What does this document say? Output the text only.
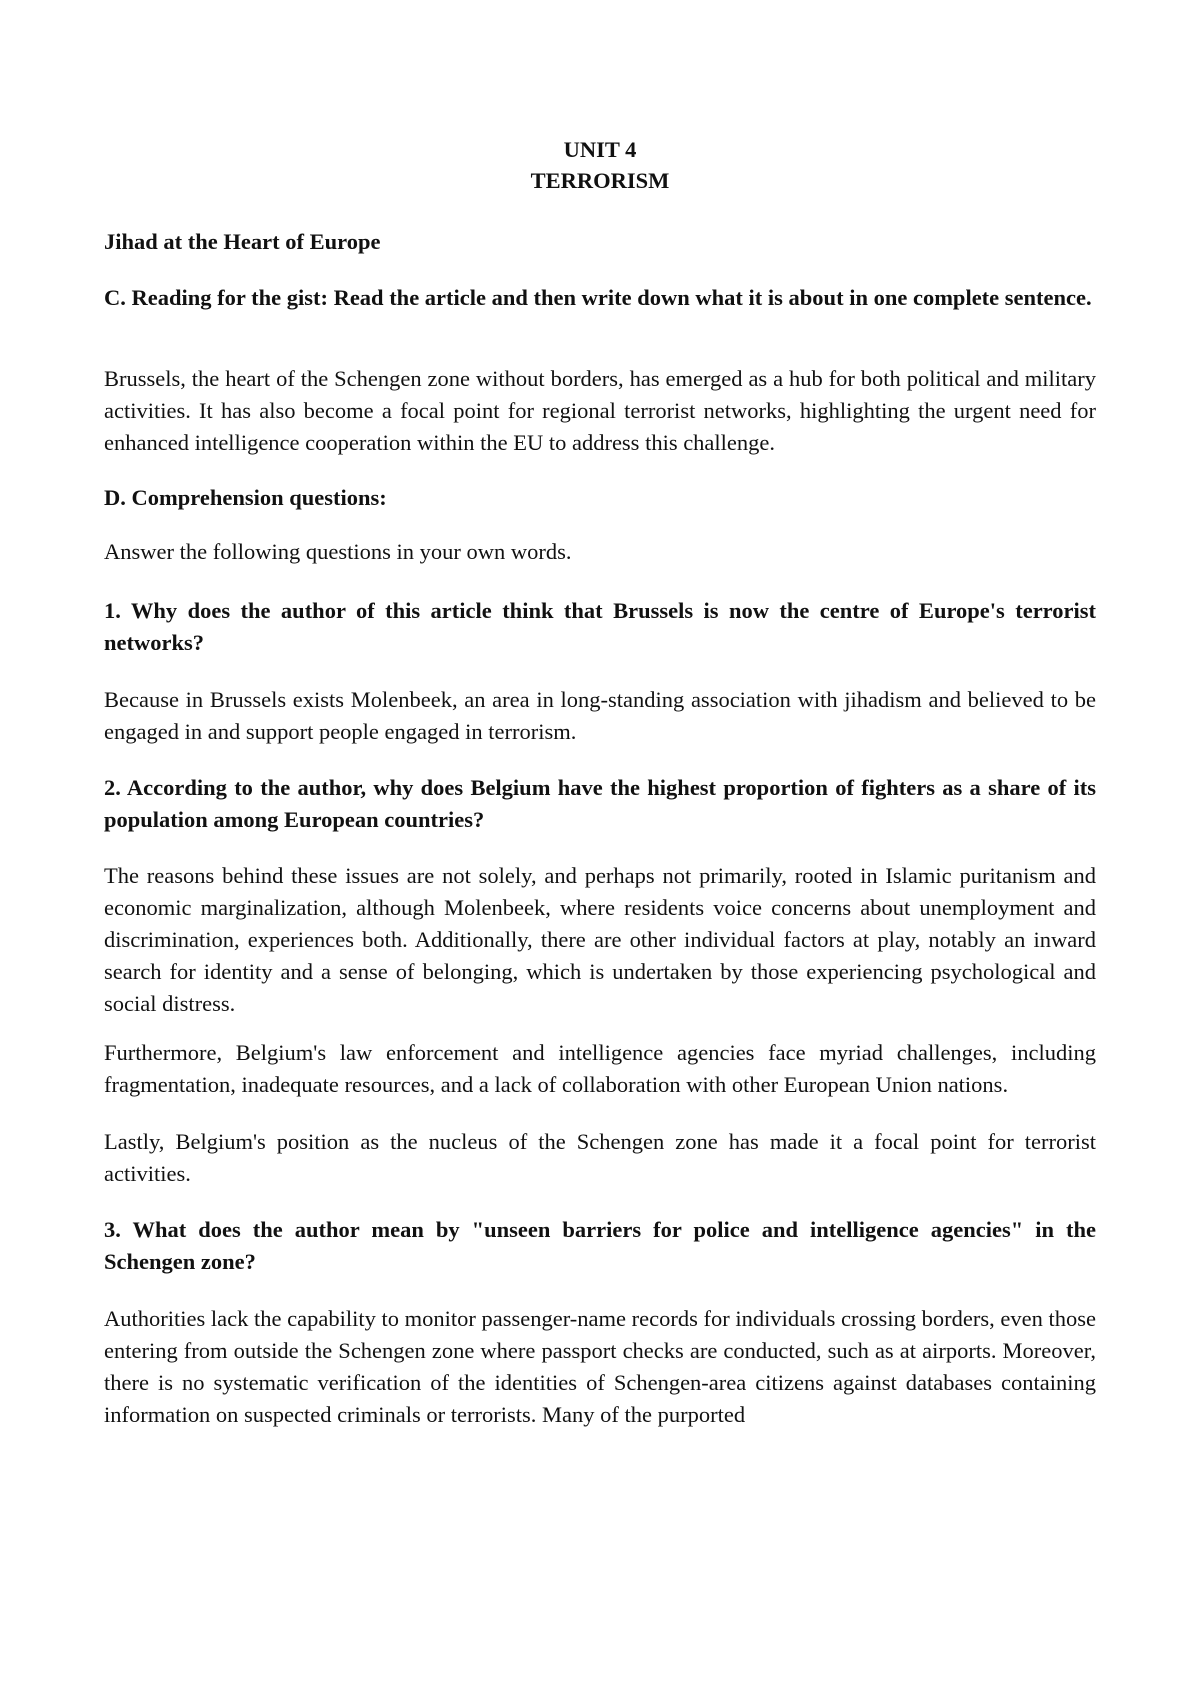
UNIT 4
TERRORISM
Jihad at the Heart of Europe
C. Reading for the gist: Read the article and then write down what it is about in one complete sentence.
Brussels, the heart of the Schengen zone without borders, has emerged as a hub for both political and military activities. It has also become a focal point for regional terrorist networks, highlighting the urgent need for enhanced intelligence cooperation within the EU to address this challenge.
D. Comprehension questions:
Answer the following questions in your own words.
1. Why does the author of this article think that Brussels is now the centre of Europe's terrorist networks?
Because in Brussels exists Molenbeek, an area in long-standing association with jihadism and believed to be engaged in and support people engaged in terrorism.
2. According to the author, why does Belgium have the highest proportion of fighters as a share of its population among European countries?
The reasons behind these issues are not solely, and perhaps not primarily, rooted in Islamic puritanism and economic marginalization, although Molenbeek, where residents voice concerns about unemployment and discrimination, experiences both. Additionally, there are other individual factors at play, notably an inward search for identity and a sense of belonging, which is undertaken by those experiencing psychological and social distress.
Furthermore, Belgium's law enforcement and intelligence agencies face myriad challenges, including fragmentation, inadequate resources, and a lack of collaboration with other European Union nations.
Lastly, Belgium's position as the nucleus of the Schengen zone has made it a focal point for terrorist activities.
3. What does the author mean by "unseen barriers for police and intelligence agencies" in the Schengen zone?
Authorities lack the capability to monitor passenger-name records for individuals crossing borders, even those entering from outside the Schengen zone where passport checks are conducted, such as at airports. Moreover, there is no systematic verification of the identities of Schengen-area citizens against databases containing information on suspected criminals or terrorists. Many of the purported
